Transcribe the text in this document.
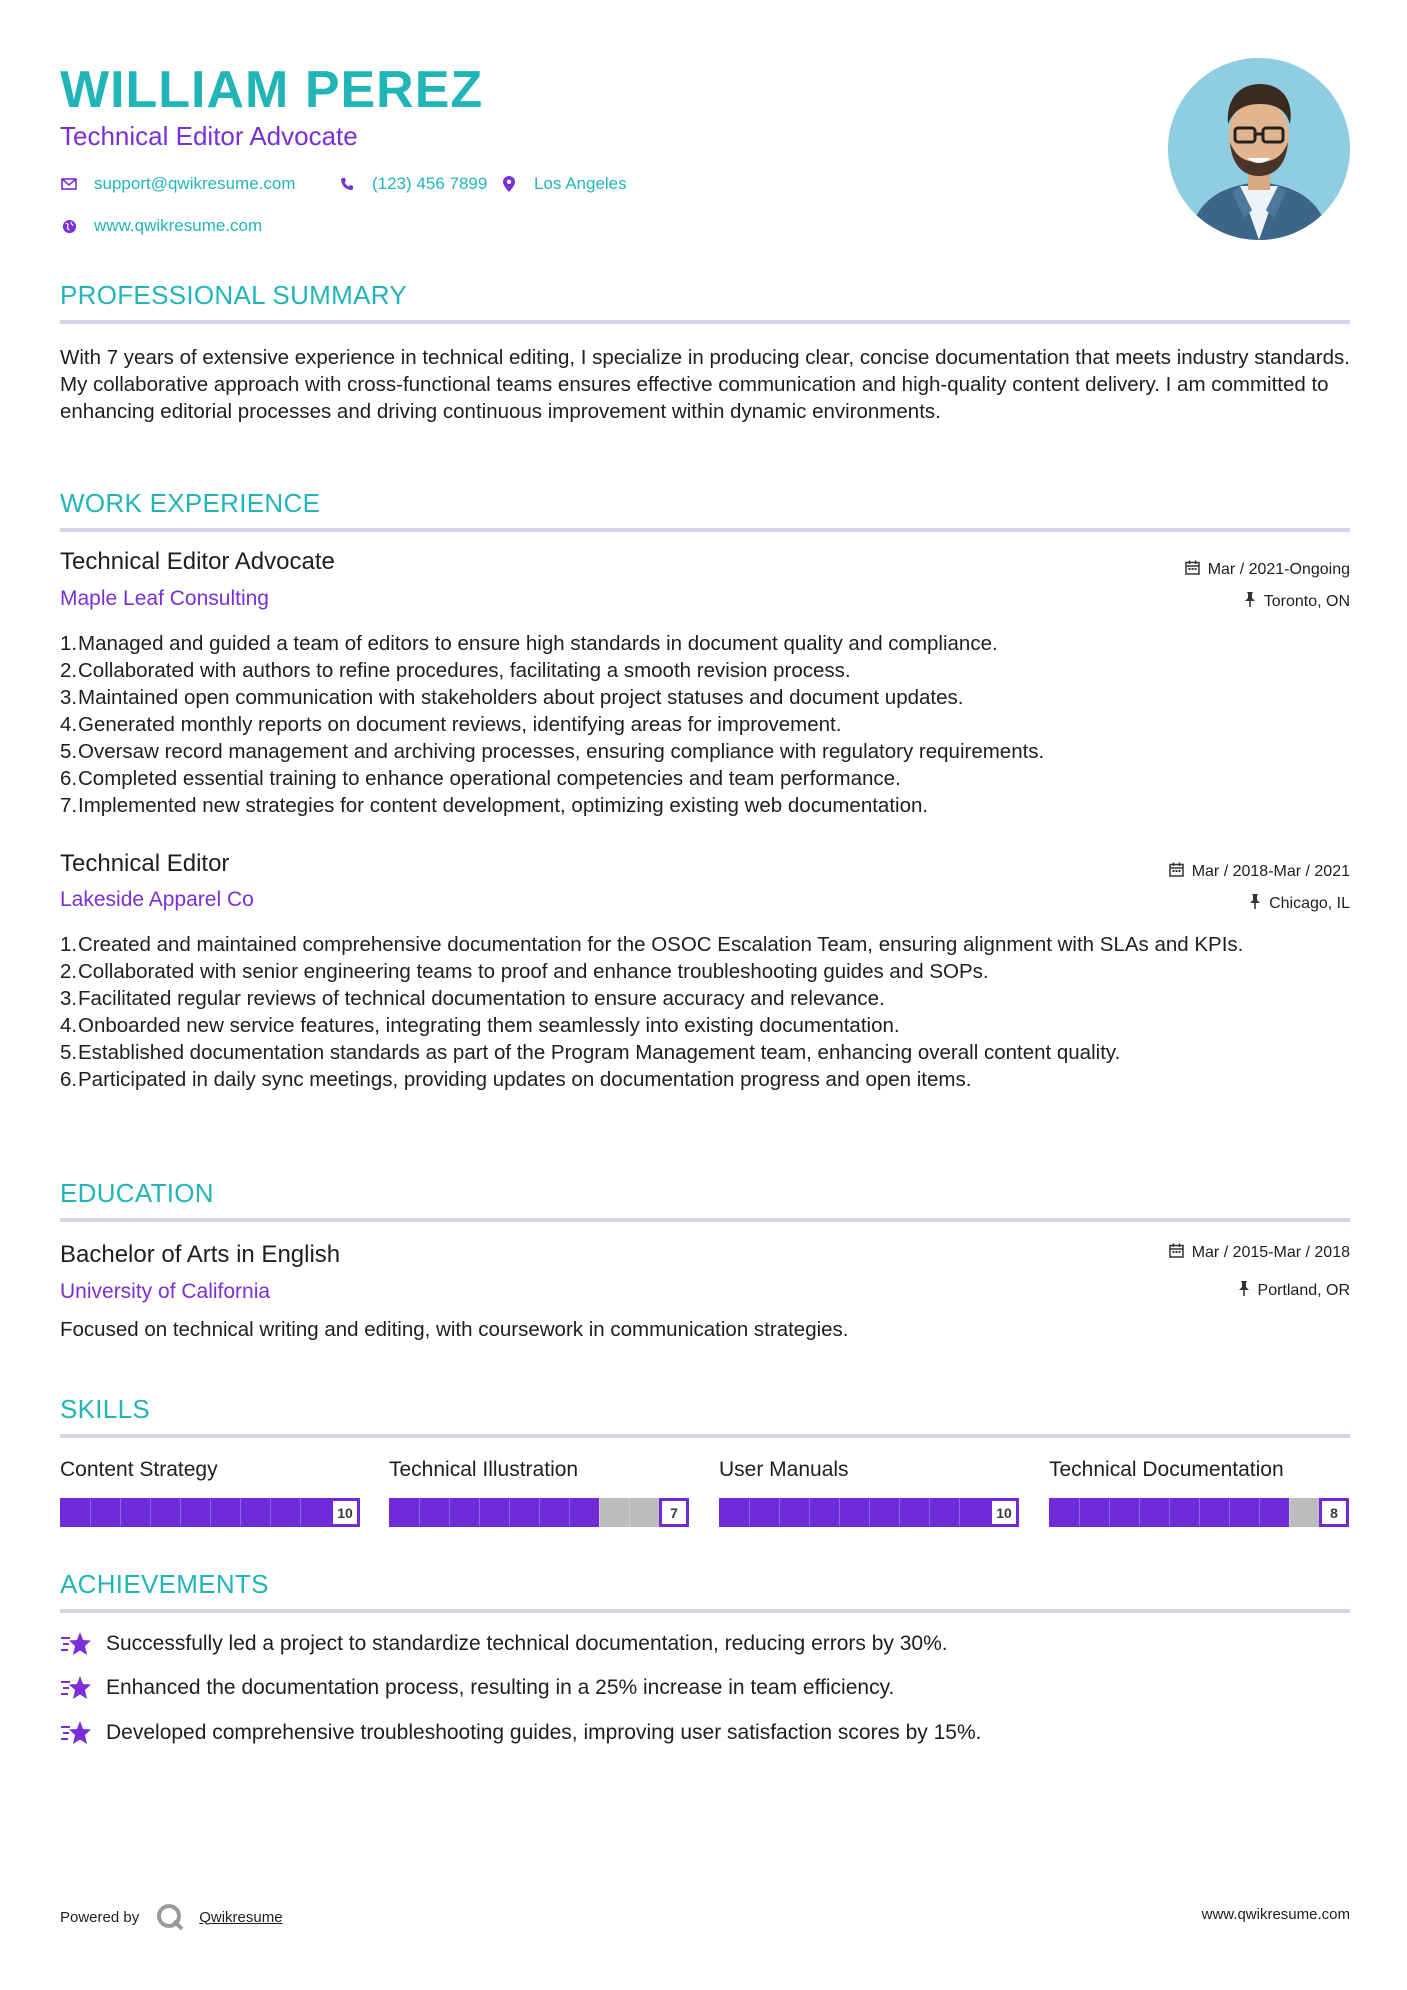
WILLIAM PEREZ
Technical Editor Advocate
support@qwikresume.com	(123) 456 7899	Los Angeles
www.qwikresume.com
PROFESSIONAL SUMMARY
With 7 years of extensive experience in technical editing, I specialize in producing clear, concise documentation that meets industry standards. My collaborative approach with cross-functional teams ensures effective communication and high-quality content delivery. I am committed to enhancing editorial processes and driving continuous improvement within dynamic environments.
WORK EXPERIENCE
Technical Editor Advocate
Maple Leaf Consulting
Mar / 2021-Ongoing
Toronto, ON
Managed and guided a team of editors to ensure high standards in document quality and compliance.
Collaborated with authors to refine procedures, facilitating a smooth revision process.
Maintained open communication with stakeholders about project statuses and document updates.
Generated monthly reports on document reviews, identifying areas for improvement.
Oversaw record management and archiving processes, ensuring compliance with regulatory requirements.
Completed essential training to enhance operational competencies and team performance.
Implemented new strategies for content development, optimizing existing web documentation.
Technical Editor
Lakeside Apparel Co
Mar / 2018-Mar / 2021
Chicago, IL
Created and maintained comprehensive documentation for the OSOC Escalation Team, ensuring alignment with SLAs and KPIs.
Collaborated with senior engineering teams to proof and enhance troubleshooting guides and SOPs.
Facilitated regular reviews of technical documentation to ensure accuracy and relevance.
Onboarded new service features, integrating them seamlessly into existing documentation.
Established documentation standards as part of the Program Management team, enhancing overall content quality.
Participated in daily sync meetings, providing updates on documentation progress and open items.
EDUCATION
Bachelor of Arts in English
University of California
Mar / 2015-Mar / 2018
Portland, OR
Focused on technical writing and editing, with coursework in communication strategies.
SKILLS
Content Strategy
10
Technical Illustration
7
User Manuals
10
Technical Documentation
8
ACHIEVEMENTS
Successfully led a project to standardize technical documentation, reducing errors by 30%.
Enhanced the documentation process, resulting in a 25% increase in team efficiency.
Developed comprehensive troubleshooting guides, improving user satisfaction scores by 15%.
Powered by	Qwikresume	www.qwikresume.com
